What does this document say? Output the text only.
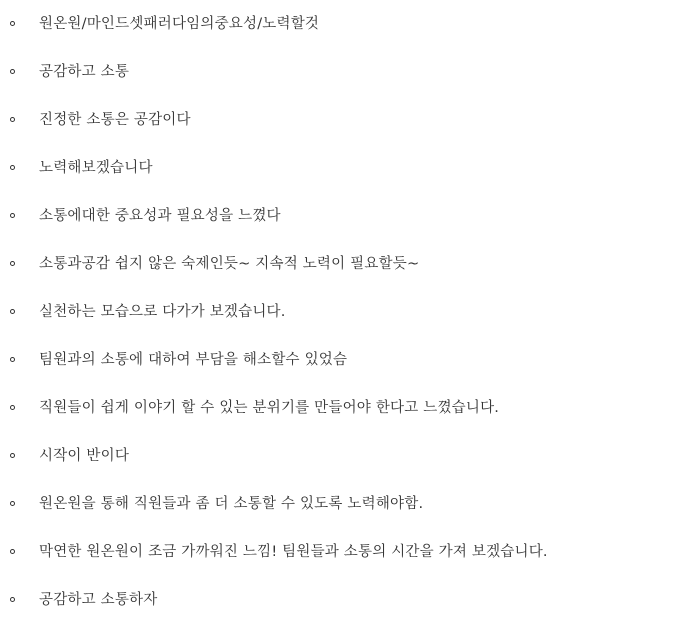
원온원/마인드셋패러다임의중요성/노력할것
공감하고 소통
진정한 소통은 공감이다
노력해보겠습니다
소통에대한 중요성과 필요성을 느꼈다
소통과공감 쉽지 않은 숙제인듯~ 지속적 노력이 필요할듯~
실천하는 모습으로 다가가 보겠습니다.
팀원과의 소통에 대하여 부담을 해소할수 있었슴
직원들이 쉽게 이야기 할 수 있는 분위기를 만들어야 한다고 느꼈습니다.
시작이 반이다
원온원을 통해 직원들과 좀 더 소통할 수 있도록 노력해야함.
막연한 원온원이 조금 가까워진 느낌! 팀원들과 소통의 시간을 가져 보겠습니다.
공감하고 소통하자
